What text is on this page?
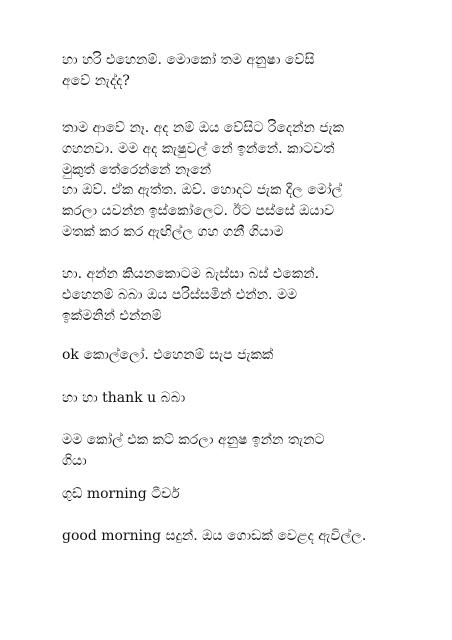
හා හරි එහෙනම්. මොකෝ තම අනුෂා වේසි
අවේ නැද්ද?

තාම ආවේ නෑ. අද නම් ඔය වේසිට රිදෙන්න ජැක
ගහනවා. මම අද කැෂුවල් නේ ඉන්නේ. කාටවත්
මුකුත් තේරෙන්නේ නෑනේ

හා ඔව්. ඒක ඇත්ත. ඔව්. හොදට ජැක දීල මෝල්
කරලා යවන්න ඉස්කෝලෙට. ඊට පස්සේ ඔයාව
මතක් කර කර ඇඟිල්ල ගහ ගනී ගියාම

හා. අන්න කියනකොටම බැස්සා බස් එකෙන්.
එහෙනම් බබා ඔය පරිස්සමින් එන්න. මම
ඉක්මනින් එන්නම්

ok කොල්ලෝ. එහෙනම් සැප ජැකක්

හා හා thank u බබා

මම කෝල් එක කට් කරලා අනුෂ ඉන්න තැනට
ගියා

ගුඩ් morning ටීචර්

good morning සදුන්. ඔය ගොඩක් වෙළද ඇවිල්ල.
